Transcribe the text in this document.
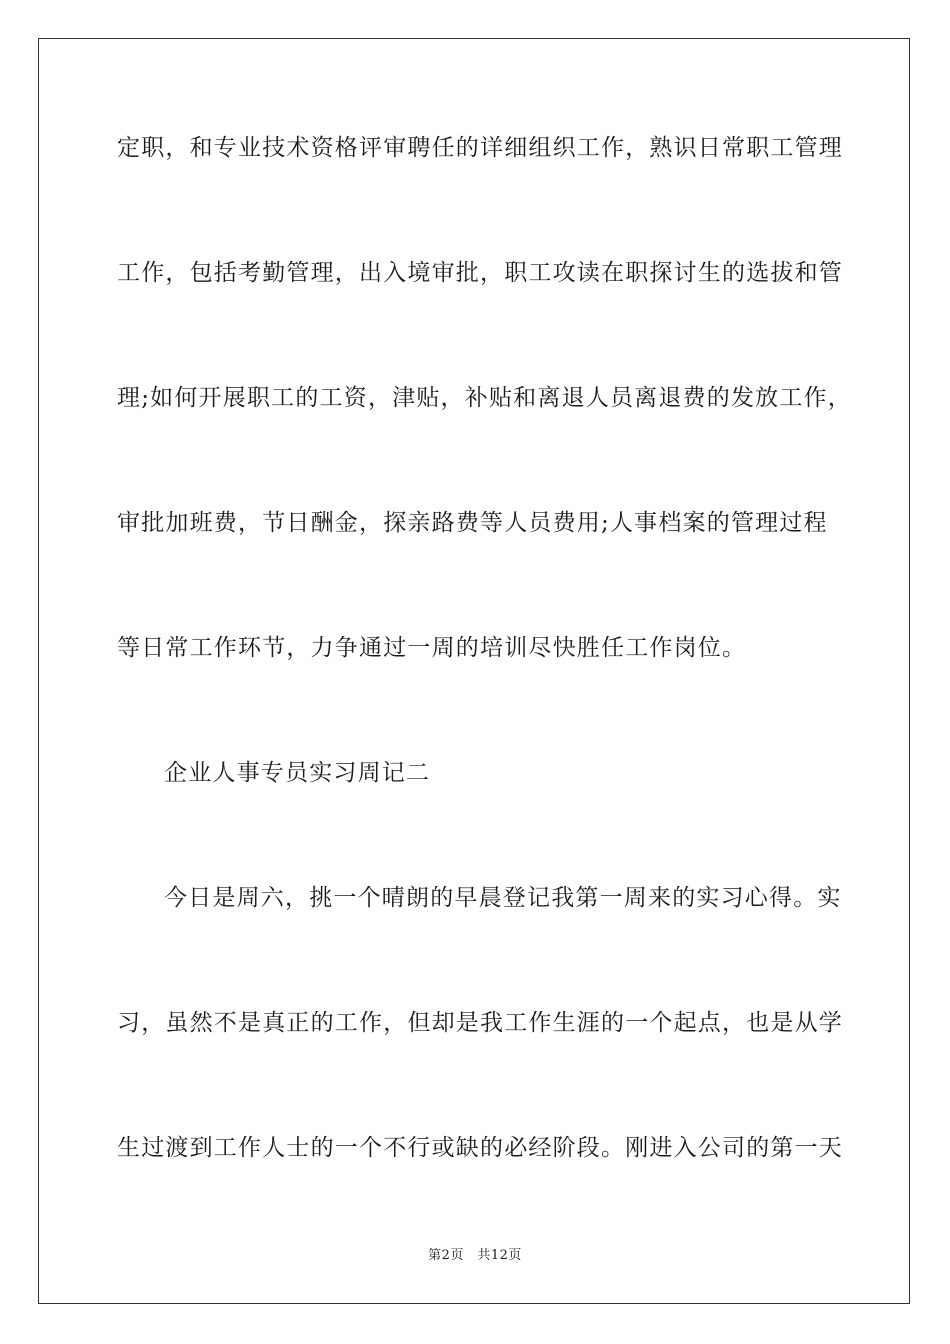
定职，和专业技术资格评审聘任的详细组织工作，熟识日常职工管理
工作，包括考勤管理，出入境审批，职工攻读在职探讨生的选拔和管
理;如何开展职工的工资，津贴，补贴和离退人员离退费的发放工作，
审批加班费，节日酬金，探亲路费等人员费用;人事档案的管理过程
等日常工作环节，力争通过一周的培训尽快胜任工作岗位。
企业人事专员实习周记二
今日是周六，挑一个晴朗的早晨登记我第一周来的实习心得。实
习，虽然不是真正的工作，但却是我工作生涯的一个起点，也是从学
生过渡到工作人士的一个不行或缺的必经阶段。刚进入公司的第一天
第2页　共12页
